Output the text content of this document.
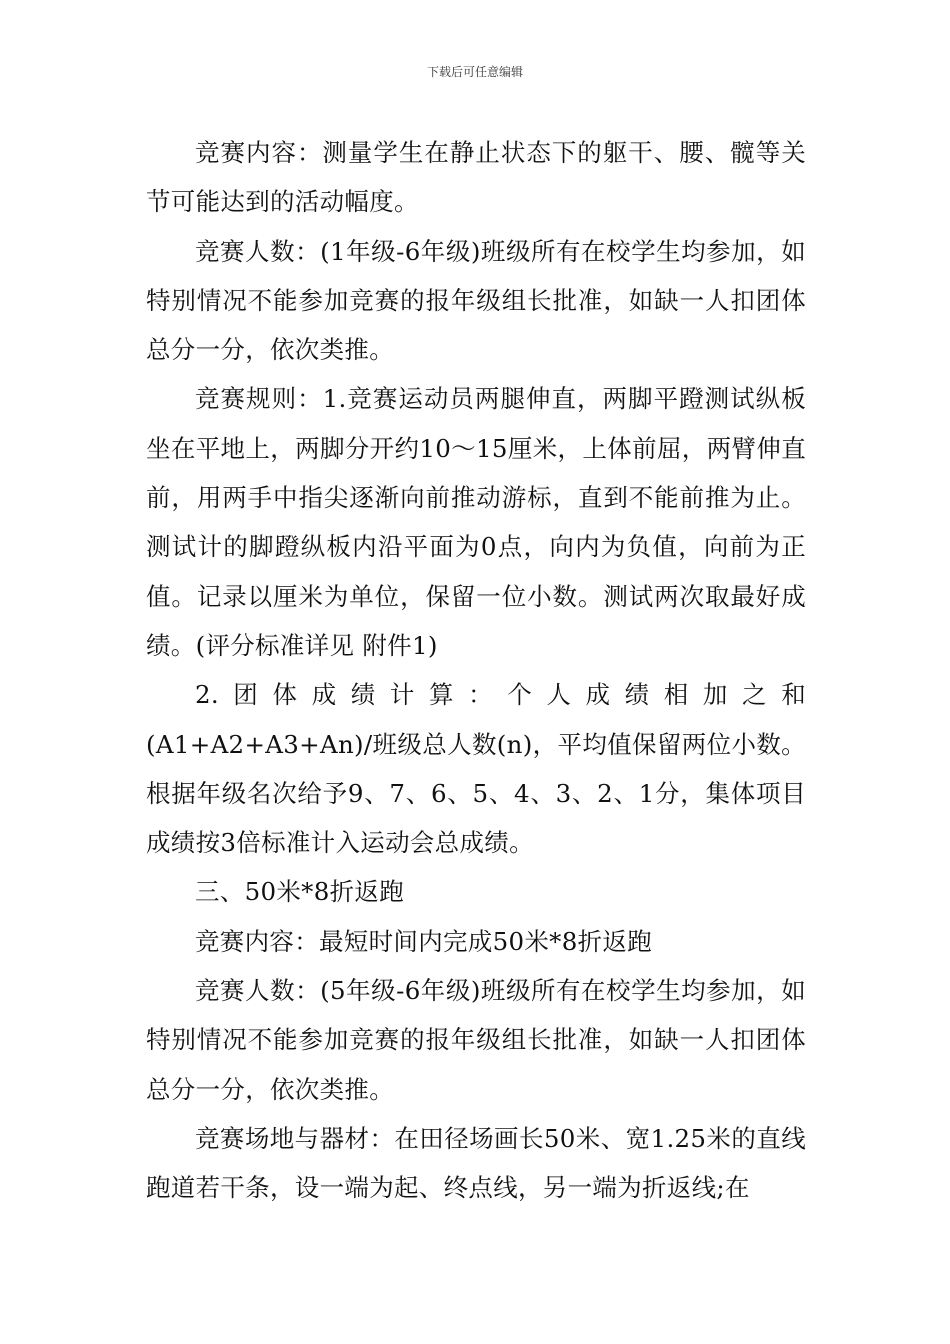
下载后可任意编辑

竞赛内容：测量学生在静止状态下的躯干、腰、髋等关节可能达到的活动幅度。

竞赛人数：(1年级-6年级)班级所有在校学生均参加，如特别情况不能参加竞赛的报年级组长批准，如缺一人扣团体总分一分，依次类推。

竞赛规则：1.竞赛运动员两腿伸直，两脚平蹬测试纵板坐在平地上，两脚分开约10～15厘米，上体前屈，两臂伸直前，用两手中指尖逐渐向前推动游标，直到不能前推为止。测试计的脚蹬纵板内沿平面为0点，向内为负值，向前为正值。记录以厘米为单位，保留一位小数。测试两次取最好成绩。(评分标准详见 附件1)

2.团体成绩计算：个人成绩相加之和(A1+A2+A3+An)/班级总人数(n)，平均值保留两位小数。根据年级名次给予9、7、6、5、4、3、2、1分，集体项目成绩按3倍标准计入运动会总成绩。

三、50米*8折返跑

竞赛内容：最短时间内完成50米*8折返跑

竞赛人数：(5年级-6年级)班级所有在校学生均参加，如特别情况不能参加竞赛的报年级组长批准，如缺一人扣团体总分一分，依次类推。

竞赛场地与器材：在田径场画长50米、宽1.25米的直线跑道若干条，设一端为起、终点线，另一端为折返线;在
